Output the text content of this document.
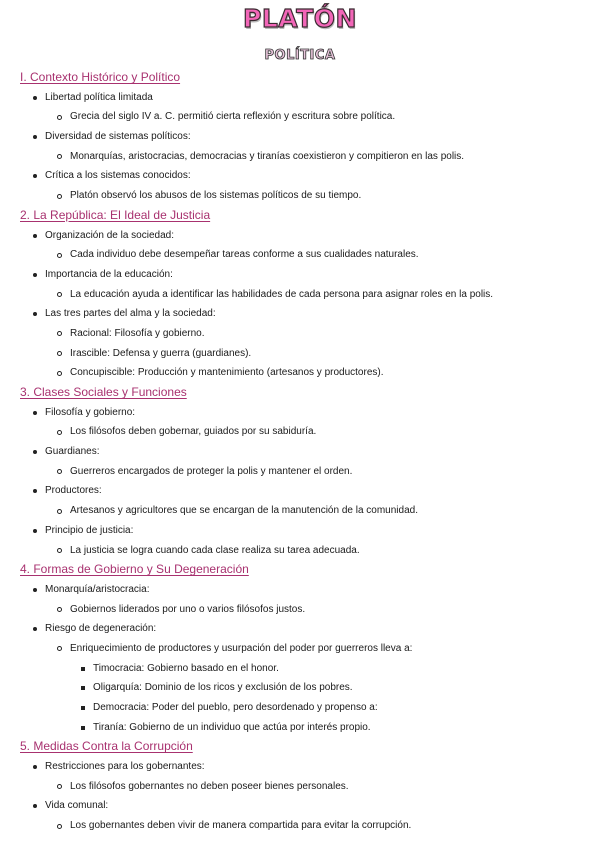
PLATÓN
POLÍTICA
I. Contexto Histórico y Político
Libertad política limitada
Grecia del siglo IV a. C. permitió cierta reflexión y escritura sobre política.
Diversidad de sistemas políticos:
Monarquías, aristocracias, democracias y tiranías coexistieron y compitieron en las polis.
Crítica a los sistemas conocidos:
Platón observó los abusos de los sistemas políticos de su tiempo.
2. La República: El Ideal de Justicia
Organización de la sociedad:
Cada individuo debe desempeñar tareas conforme a sus cualidades naturales.
Importancia de la educación:
La educación ayuda a identificar las habilidades de cada persona para asignar roles en la polis.
Las tres partes del alma y la sociedad:
Racional: Filosofía y gobierno.
Irascible: Defensa y guerra (guardianes).
Concupiscible: Producción y mantenimiento (artesanos y productores).
3. Clases Sociales y Funciones
Filosofía y gobierno:
Los filósofos deben gobernar, guiados por su sabiduría.
Guardianes:
Guerreros encargados de proteger la polis y mantener el orden.
Productores:
Artesanos y agricultores que se encargan de la manutención de la comunidad.
Principio de justicia:
La justicia se logra cuando cada clase realiza su tarea adecuada.
4. Formas de Gobierno y Su Degeneración
Monarquía/aristocracia:
Gobiernos liderados por uno o varios filósofos justos.
Riesgo de degeneración:
Enriquecimiento de productores y usurpación del poder por guerreros lleva a:
Timocracia: Gobierno basado en el honor.
Oligarquía: Dominio de los ricos y exclusión de los pobres.
Democracia: Poder del pueblo, pero desordenado y propenso a:
Tiranía: Gobierno de un individuo que actúa por interés propio.
5. Medidas Contra la Corrupción
Restricciones para los gobernantes:
Los filósofos gobernantes no deben poseer bienes personales.
Vida comunal:
Los gobernantes deben vivir de manera compartida para evitar la corrupción.
